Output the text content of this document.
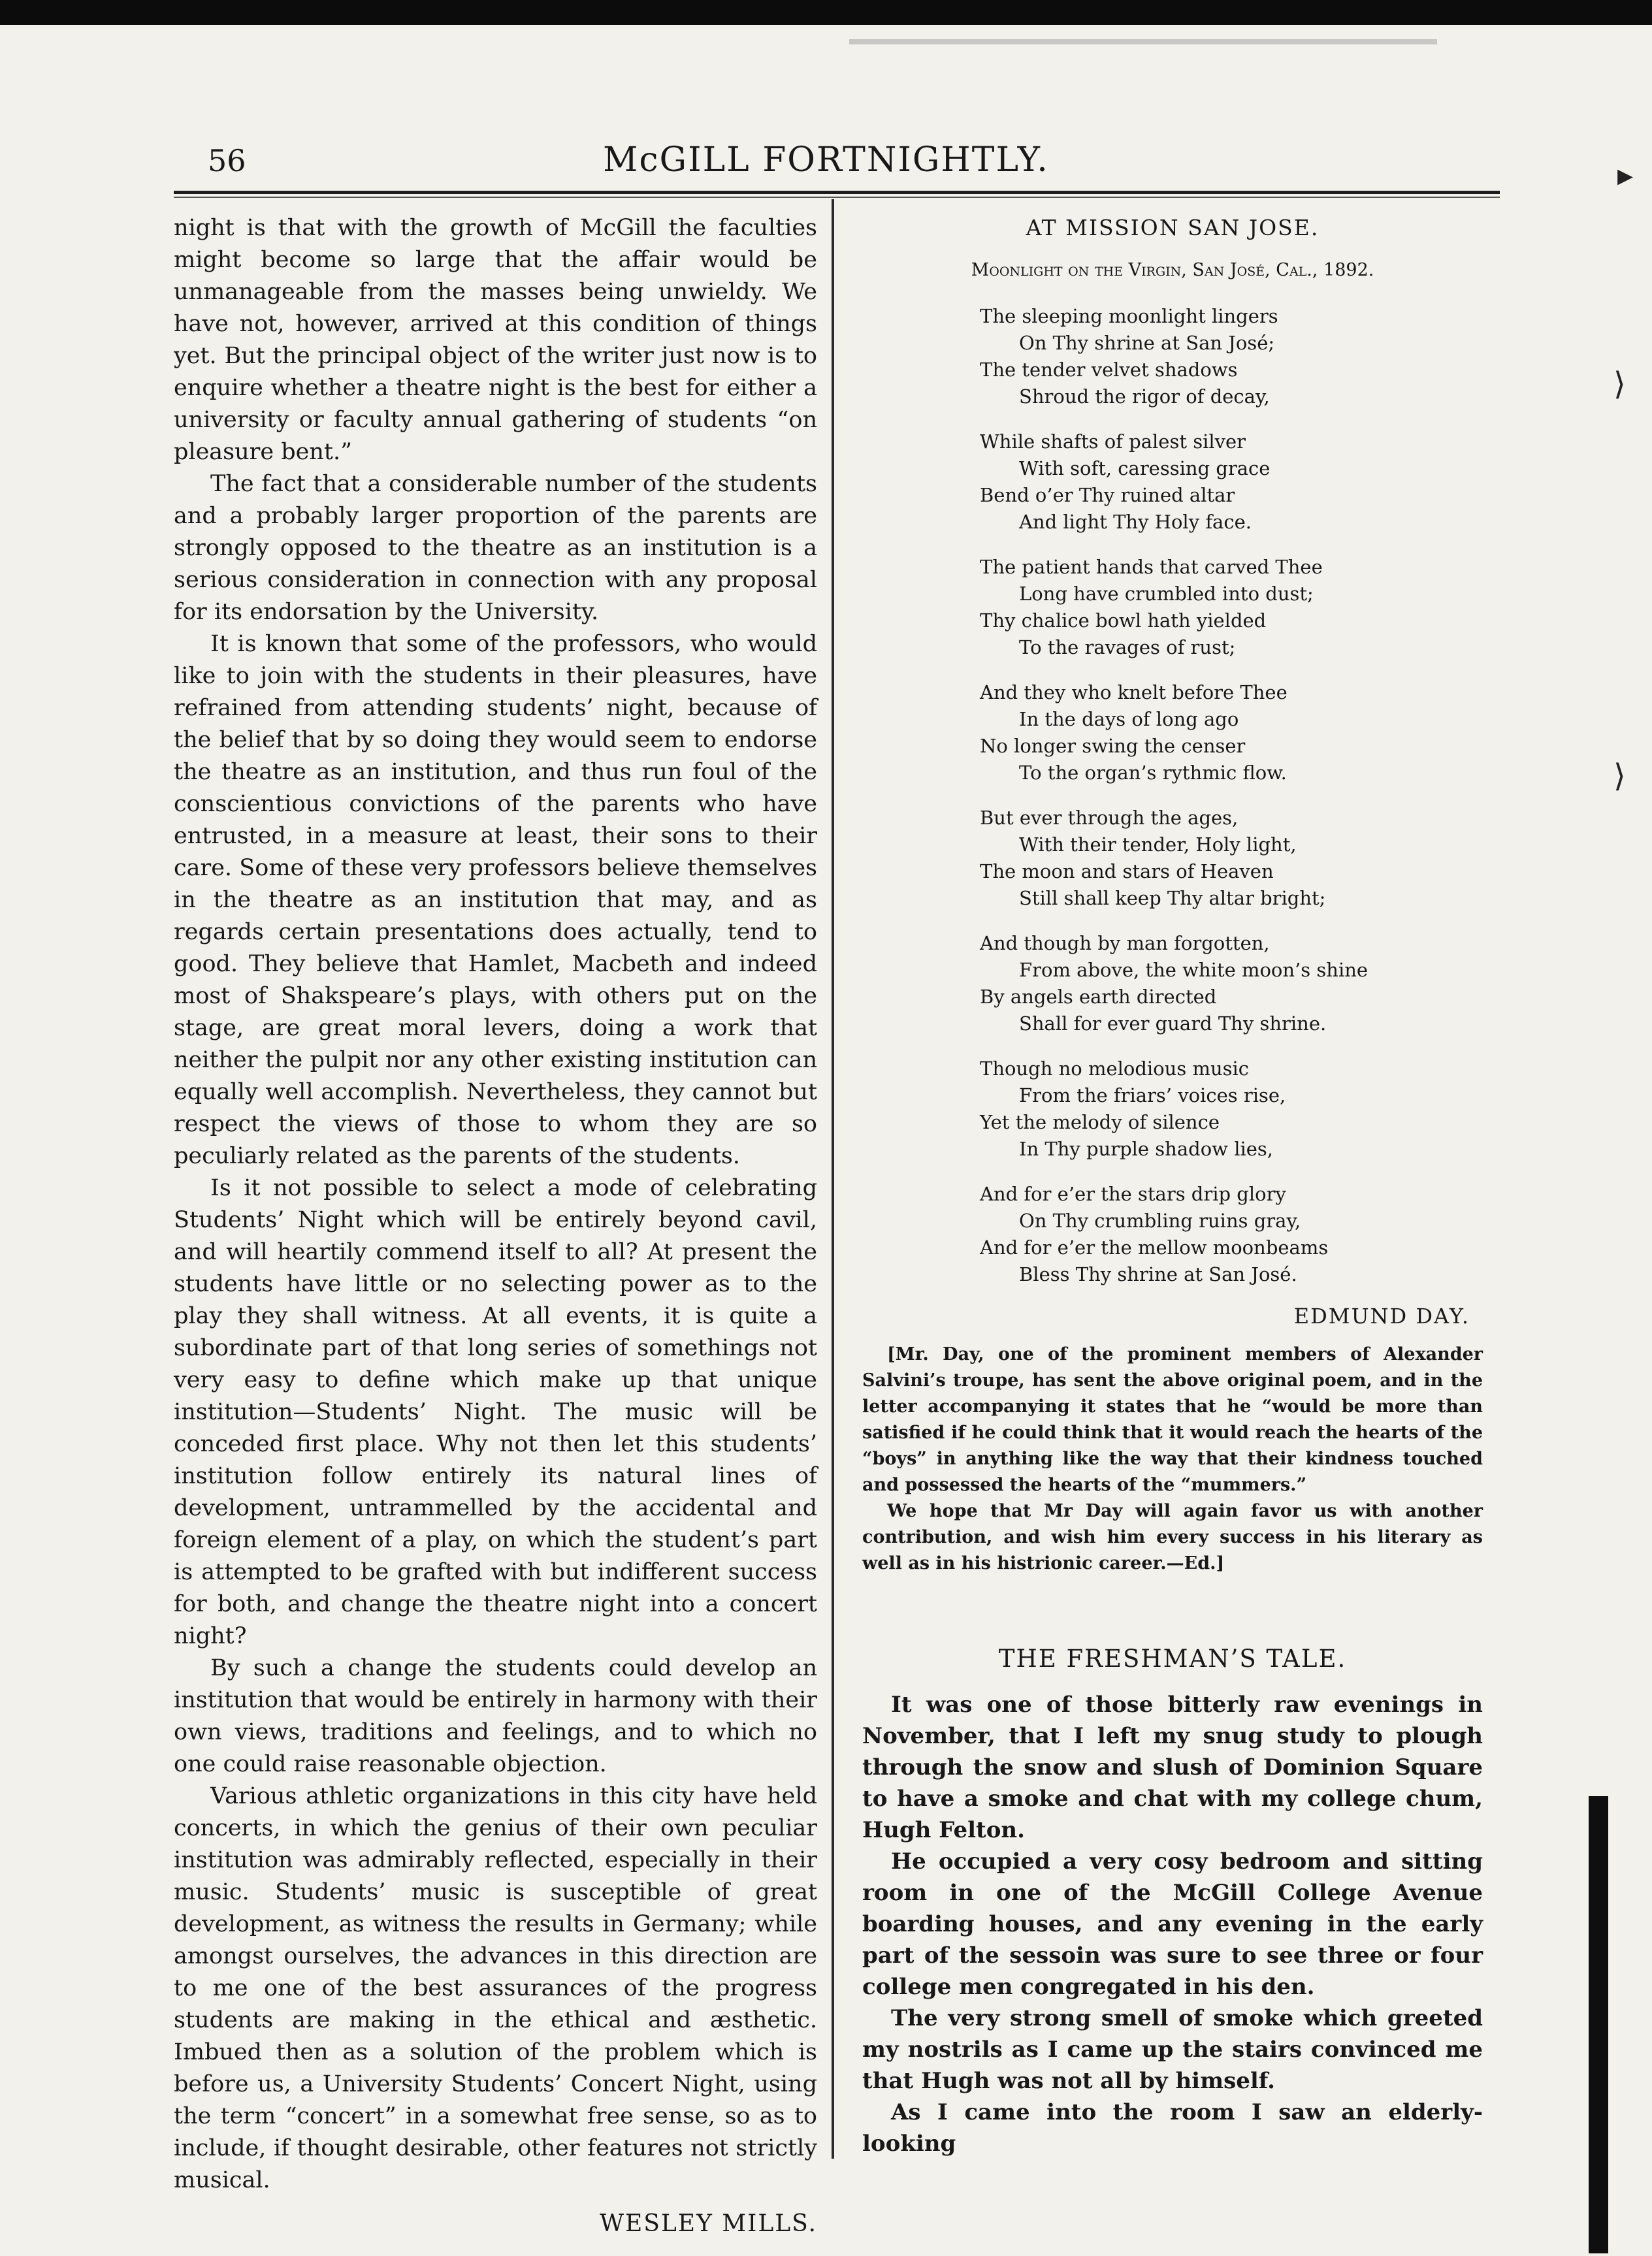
56	McGILL FORTNIGHTLY.	▸
⟩
⟩

night is that with the growth of McGill the faculties might become so large that the affair would be unmanageable from the masses being unwieldy. We have not, however, arrived at this condition of things yet. But the principal object of the writer just now is to enquire whether a theatre night is the best for either a university or faculty annual gathering of students “on pleasure bent.”

The fact that a considerable number of the students and a probably larger proportion of the parents are strongly opposed to the theatre as an institution is a serious consideration in connection with any proposal for its endorsation by the University.

It is known that some of the professors, who would like to join with the students in their pleasures, have refrained from attending students’ night, because of the belief that by so doing they would seem to endorse the theatre as an institution, and thus run foul of the conscientious convictions of the parents who have entrusted, in a measure at least, their sons to their care. Some of these very professors believe themselves in the theatre as an institution that may, and as regards certain presentations does actually, tend to good. They believe that Hamlet, Macbeth and indeed most of Shakspeare’s plays, with others put on the stage, are great moral levers, doing a work that neither the pulpit nor any other existing institution can equally well accomplish. Nevertheless, they cannot but respect the views of those to whom they are so peculiarly related as the parents of the students.

Is it not possible to select a mode of celebrating Students’ Night which will be entirely beyond cavil, and will heartily commend itself to all? At present the students have little or no selecting power as to the play they shall witness. At all events, it is quite a subordinate part of that long series of somethings not very easy to define which make up that unique institution—Students’ Night. The music will be conceded first place. Why not then let this students’ institution follow entirely its natural lines of development, untrammelled by the accidental and foreign element of a play, on which the student’s part is attempted to be grafted with but indifferent success for both, and change the theatre night into a concert night?

By such a change the students could develop an institution that would be entirely in harmony with their own views, traditions and feelings, and to which no one could raise reasonable objection.

Various athletic organizations in this city have held concerts, in which the genius of their own peculiar institution was admirably reflected, especially in their music. Students’ music is susceptible of great development, as witness the results in Germany; while amongst ourselves, the advances in this direction are to me one of the best assurances of the progress students are making in the ethical and æsthetic. Imbued then as a solution of the problem which is before us, a University Students’ Concert Night, using the term “concert” in a somewhat free sense, so as to include, if thought desirable, other features not strictly musical.

WESLEY MILLS.
AT MISSION SAN JOSE.
Moonlight on the Virgin, San José, Cal., 1892.
The sleeping moonlight lingers
On Thy shrine at San José;
The tender velvet shadows
Shroud the rigor of decay,
While shafts of palest silver
With soft, caressing grace
Bend o’er Thy ruined altar
And light Thy Holy face.
The patient hands that carved Thee
Long have crumbled into dust;
Thy chalice bowl hath yielded
To the ravages of rust;
And they who knelt before Thee
In the days of long ago
No longer swing the censer
To the organ’s rythmic flow.
But ever through the ages,
With their tender, Holy light,
The moon and stars of Heaven
Still shall keep Thy altar bright;
And though by man forgotten,
From above, the white moon’s shine
By angels earth directed
Shall for ever guard Thy shrine.
Though no melodious music
From the friars’ voices rise,
Yet the melody of silence
In Thy purple shadow lies,
And for e’er the stars drip glory
On Thy crumbling ruins gray,
And for e’er the mellow moonbeams
Bless Thy shrine at San José.
EDMUND DAY.

[Mr. Day, one of the prominent members of Alexander Salvini’s troupe, has sent the above original poem, and in the letter accompanying it states that he “would be more than satisfied if he could think that it would reach the hearts of the “boys” in anything like the way that their kindness touched and possessed the hearts of the “mummers.”

We hope that Mr Day will again favor us with another contribution, and wish him every success in his literary as well as in his histrionic career.—Ed.]

THE FRESHMAN’S TALE.

It was one of those bitterly raw evenings in November, that I left my snug study to plough through the snow and slush of Dominion Square to have a smoke and chat with my college chum, Hugh Felton.

He occupied a very cosy bedroom and sitting room in one of the McGill College Avenue boarding houses, and any evening in the early part of the sessoin was sure to see three or four college men congregated in his den.

The very strong smell of smoke which greeted my nostrils as I came up the stairs convinced me that Hugh was not all by himself.

As I came into the room I saw an elderly-looking
